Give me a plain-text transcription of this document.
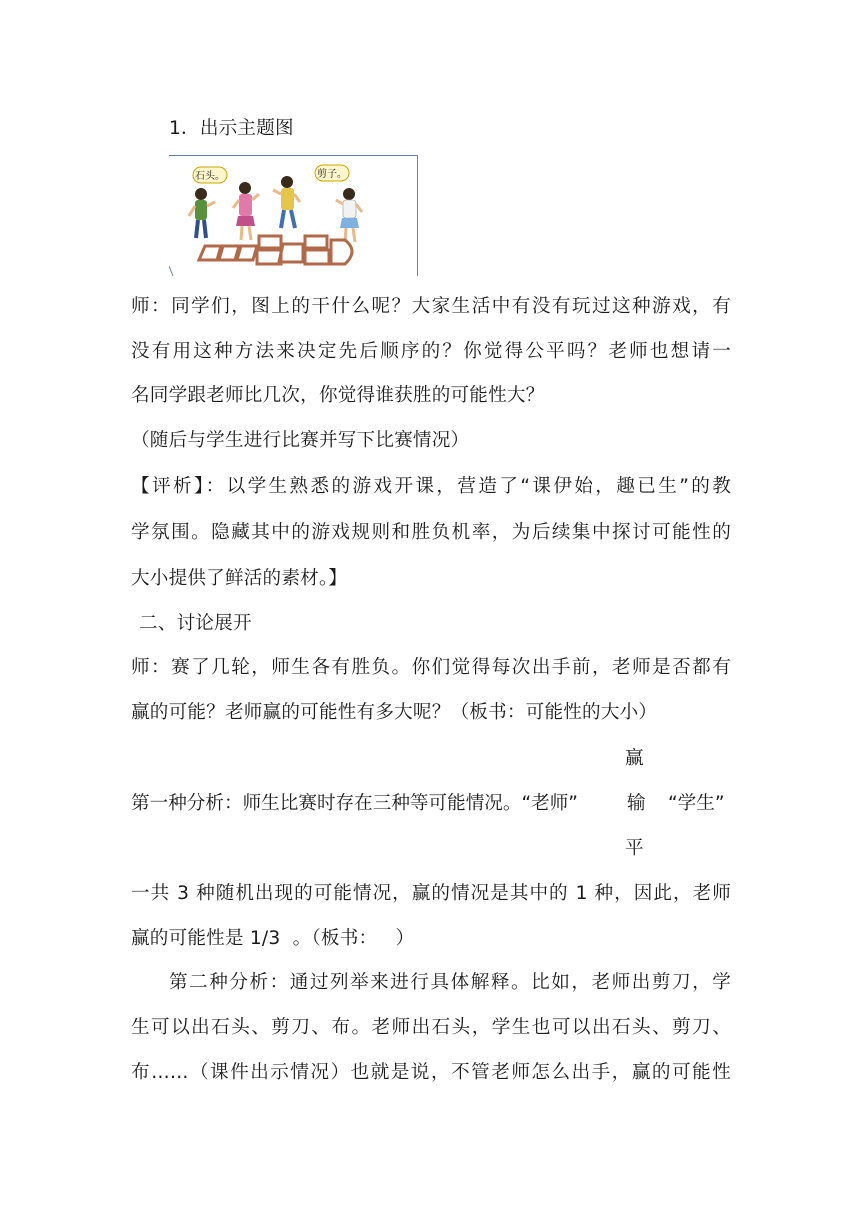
1．出示主题图
石头。	剪子。
师：同学们，图上的干什么呢？大家生活中有没有玩过这种游戏，有
没有用这种方法来决定先后顺序的？你觉得公平吗？老师也想请一
名同学跟老师比几次，你觉得谁获胜的可能性大？
（随后与学生进行比赛并写下比赛情况）
【评析】：以学生熟悉的游戏开课，营造了“课伊始，趣已生”的教
学氛围。隐藏其中的游戏规则和胜负机率，为后续集中探讨可能性的
大小提供了鲜活的素材。】
二、讨论展开
师：赛了几轮，师生各有胜负。你们觉得每次出手前，老师是否都有
赢的可能？老师赢的可能性有多大呢？（板书：可能性的大小）
赢
第一种分析：师生比赛时存在三种等可能情况。“老师”	输 “学生”
平
一共 3 种随机出现的可能情况，赢的情况是其中的 1 种，因此，老师
赢的可能性是 1/3  。（板书：   ）
第二种分析：通过列举来进行具体解释。比如，老师出剪刀，学
生可以出石头、剪刀、布。老师出石头，学生也可以出石头、剪刀、
布……（课件出示情况）也就是说，不管老师怎么出手，赢的可能性
